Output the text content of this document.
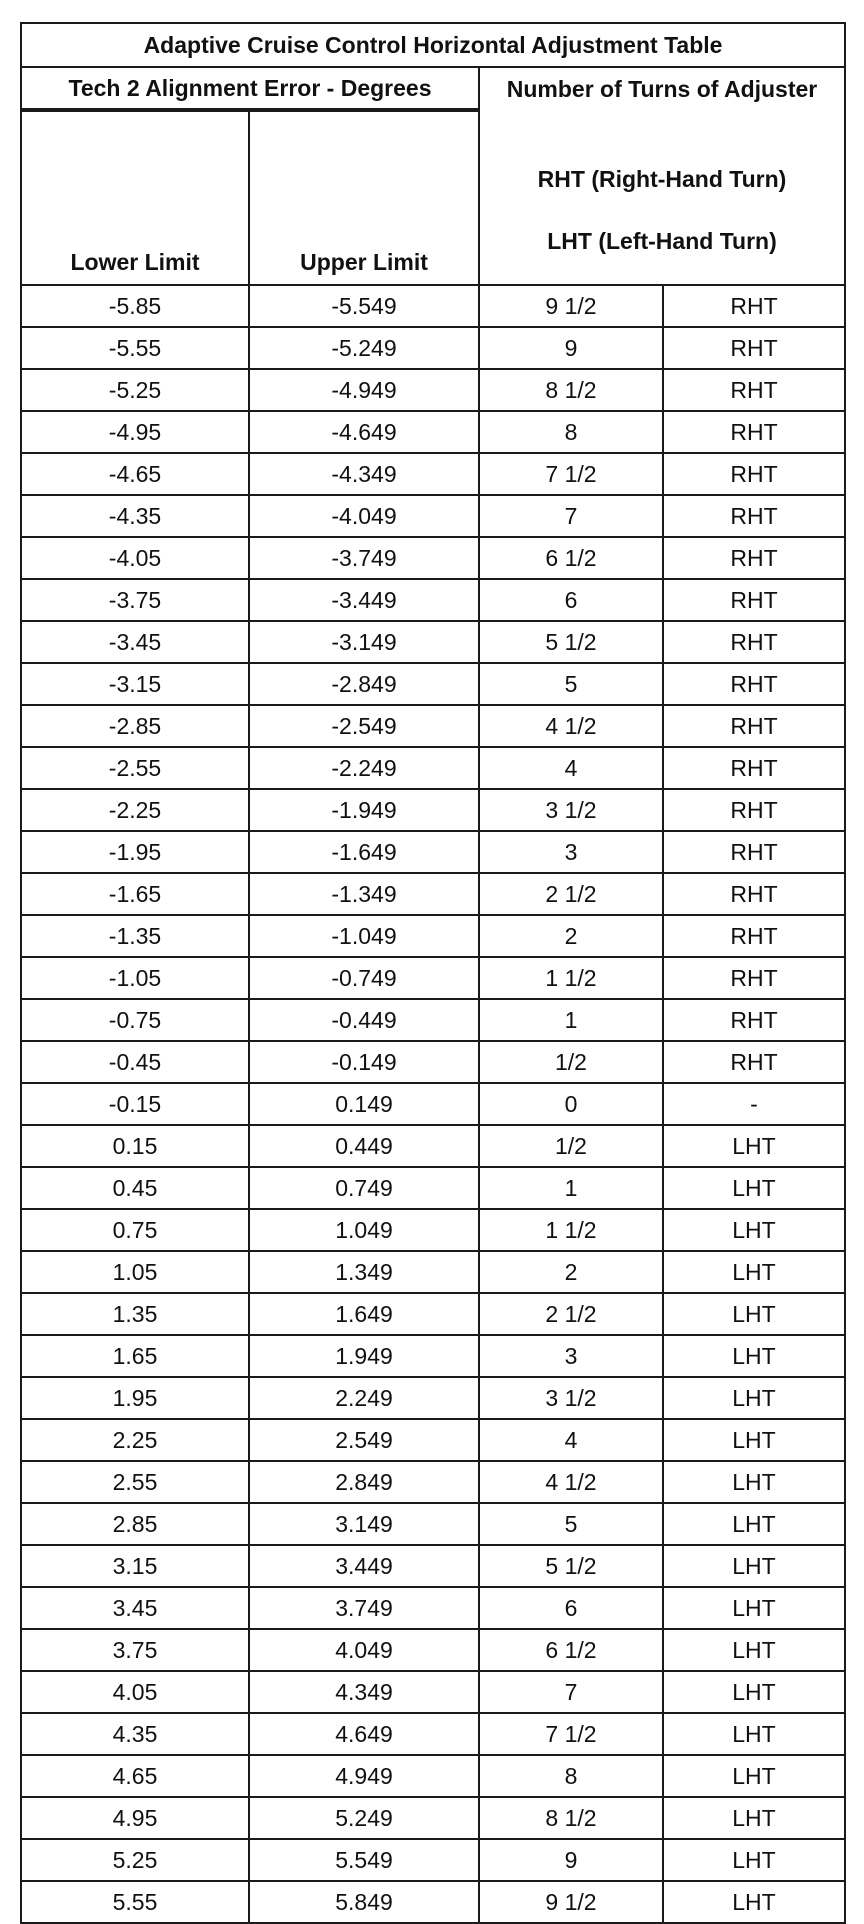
Adaptive Cruise Control Horizontal Adjustment Table			
Tech 2 Alignment Error - Degrees		Number of Turns of Adjuster	
Lower Limit	Upper Limit	RHT (Right-Hand Turn)
LHT (Left-Hand Turn)	

-5.85	-5.549	9 1/2	RHT
-5.55	-5.249	9	RHT
-5.25	-4.949	8 1/2	RHT
-4.95	-4.649	8	RHT
-4.65	-4.349	7 1/2	RHT
-4.35	-4.049	7	RHT
-4.05	-3.749	6 1/2	RHT
-3.75	-3.449	6	RHT
-3.45	-3.149	5 1/2	RHT
-3.15	-2.849	5	RHT
-2.85	-2.549	4 1/2	RHT
-2.55	-2.249	4	RHT
-2.25	-1.949	3 1/2	RHT
-1.95	-1.649	3	RHT
-1.65	-1.349	2 1/2	RHT
-1.35	-1.049	2	RHT
-1.05	-0.749	1 1/2	RHT
-0.75	-0.449	1	RHT
-0.45	-0.149	1/2	RHT
-0.15	0.149	0	-
0.15	0.449	1/2	LHT
0.45	0.749	1	LHT
0.75	1.049	1 1/2	LHT
1.05	1.349	2	LHT
1.35	1.649	2 1/2	LHT
1.65	1.949	3	LHT
1.95	2.249	3 1/2	LHT
2.25	2.549	4	LHT
2.55	2.849	4 1/2	LHT
2.85	3.149	5	LHT
3.15	3.449	5 1/2	LHT
3.45	3.749	6	LHT
3.75	4.049	6 1/2	LHT
4.05	4.349	7	LHT
4.35	4.649	7 1/2	LHT
4.65	4.949	8	LHT
4.95	5.249	8 1/2	LHT
5.25	5.549	9	LHT
5.55	5.849	9 1/2	LHT
